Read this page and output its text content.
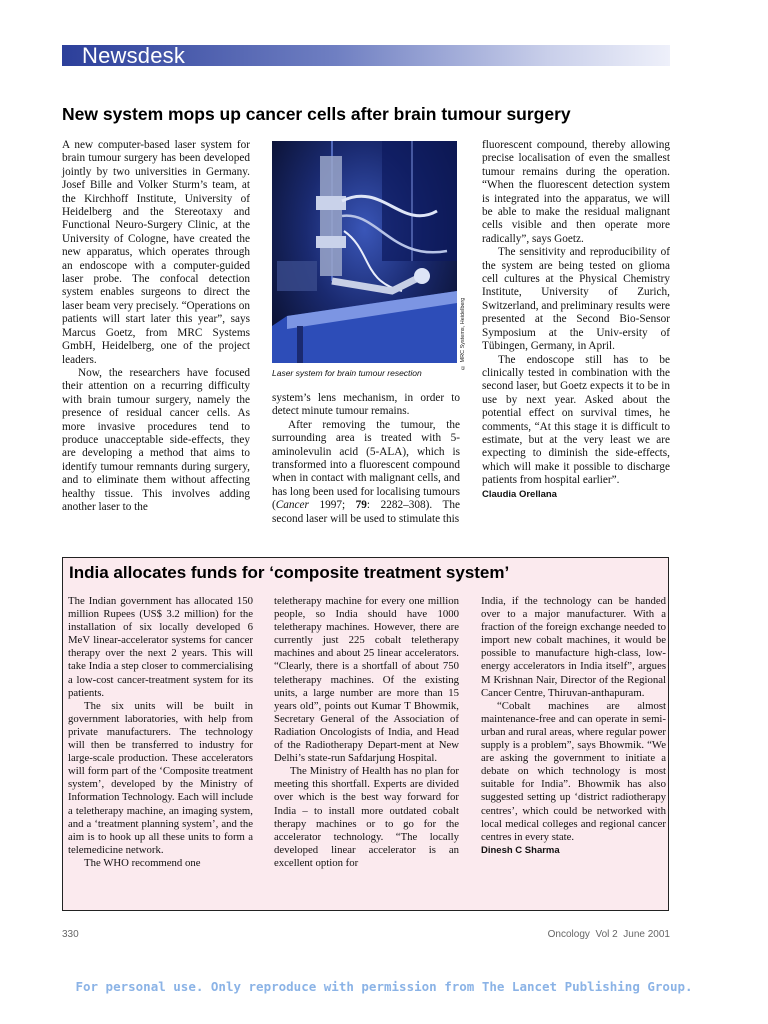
Newsdesk
New system mops up cancer cells after brain tumour surgery

A new computer-based laser system for brain tumour surgery has been developed jointly by two universities in Germany. Josef Bille and Volker Sturm’s team, at the Kirchhoff Institute, University of Heidelberg and the Stereotaxy and Functional Neuro-Surgery Clinic, at the University of Cologne, have created the new apparatus, which operates through an endoscope with a computer-guided laser probe. The confocal detection system enables surgeons to direct the laser beam very precisely. “Operations on patients will start later this year”, says Marcus Goetz, from MRC Systems GmbH, Heidelberg, one of the project leaders.

Now, the researchers have focused their attention on a recurring difficulty with brain tumour surgery, namely the presence of residual cancer cells. As more invasive procedures tend to produce unacceptable side-effects, they are developing a method that aims to identify tumour remnants during surgery, and to eliminate them without affecting healthy tissue. This involves adding another laser to the

© MRC Systems, Heidelberg
Laser system for brain tumour resection

system’s lens mechanism, in order to detect minute tumour remains.

After removing the tumour, the surrounding area is treated with 5-aminolevulin acid (5-ALA), which is transformed into a fluorescent compound when in contact with malignant cells, and has long been used for localising tumours (Cancer 1997; 79: 2282–308). The second laser will be used to stimulate this

fluorescent compound, thereby allowing precise localisation of even the smallest tumour remains during the operation. “When the fluorescent detection system is integrated into the apparatus, we will be able to make the residual malignant cells visible and then operate more radically”, says Goetz.

The sensitivity and reproducibility of the system are being tested on glioma cell cultures at the Physical Chemistry Institute, University of Zurich, Switzerland, and preliminary results were presented at the Second Bio-Sensor Symposium at the Univ-ersity of Tübingen, Germany, in April.

The endoscope still has to be clinically tested in combination with the second laser, but Goetz expects it to be in use by next year. Asked about the potential effect on survival times, he comments, “At this stage it is difficult to estimate, but at the very least we are expecting to diminish the side-effects, which will make it possible to discharge patients from hospital earlier”.

Claudia Orellana
India allocates funds for ‘composite treatment system’

The Indian government has allocated 150 million Rupees (US$ 3.2 million) for the installation of six locally developed 6 MeV linear-accelerator systems for cancer therapy over the next 2 years. This will take India a step closer to commercialising a low-cost cancer-treatment system for its patients.

The six units will be built in government laboratories, with help from private manufacturers. The technology will then be transferred to industry for large-scale production. These accelerators will form part of the ‘Composite treatment system’, developed by the Ministry of Information Technology. Each will include a teletherapy machine, an imaging system, and a ‘treatment planning system’, and the aim is to hook up all these units to form a telemedicine network.

The WHO recommend one

teletherapy machine for every one million people, so India should have 1000 teletherapy machines. However, there are currently just 225 cobalt teletherapy machines and about 25 linear accelerators. “Clearly, there is a shortfall of about 750 teletherapy machines. Of the existing units, a large number are more than 15 years old”, points out Kumar T Bhowmik, Secretary General of the Association of Radiation Oncologists of India, and Head of the Radiotherapy Depart-ment at New Delhi’s state-run Safdarjung Hospital.

The Ministry of Health has no plan for meeting this shortfall. Experts are divided over which is the best way forward for India – to install more outdated cobalt therapy machines or to go for the accelerator technology. “The locally developed linear accelerator is an excellent option for

India, if the technology can be handed over to a major manufacturer. With a fraction of the foreign exchange needed to import new cobalt machines, it would be possible to manufacture high-class, low-energy accelerators in India itself”, argues M Krishnan Nair, Director of the Regional Cancer Centre, Thiruvan-anthapuram.

“Cobalt machines are almost maintenance-free and can operate in semi-urban and rural areas, where regular power supply is a problem”, says Bhowmik. “We are asking the government to initiate a debate on which technology is most suitable for India”. Bhowmik has also suggested setting up ‘district radiotherapy centres’, which could be networked with local medical colleges and regional cancer centres in every state.

Dinesh C Sharma
330	Oncology Vol 2 June 2001
For personal use. Only reproduce with permission from The Lancet Publishing Group.
